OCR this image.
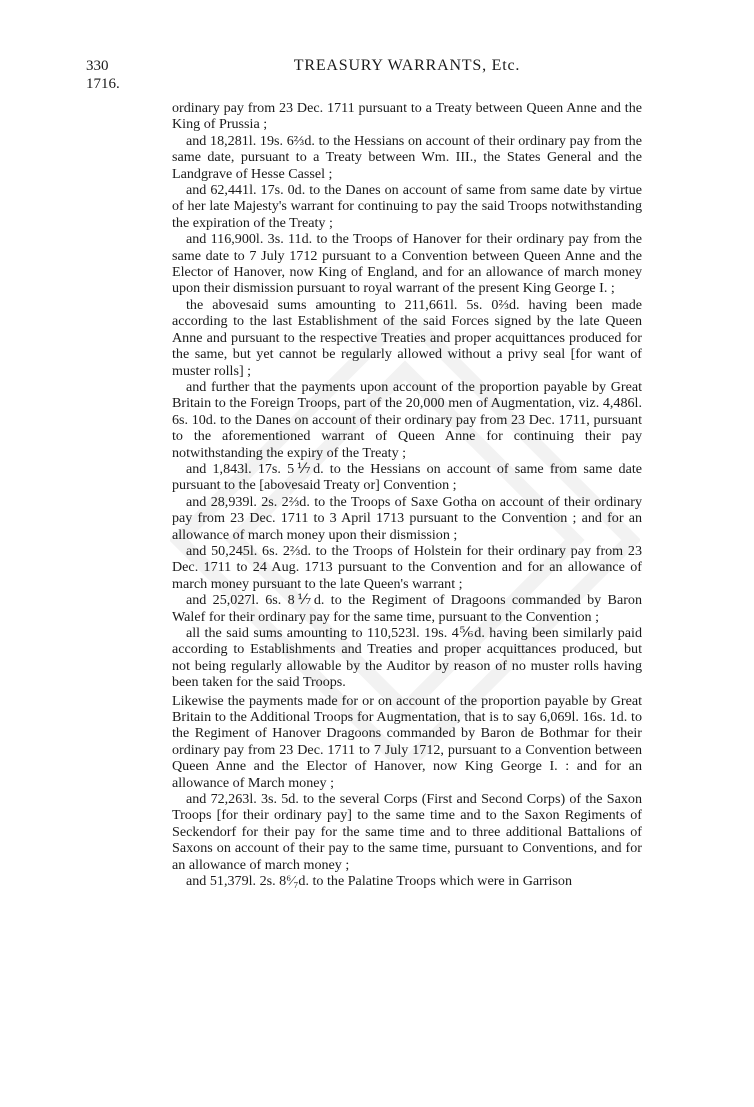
330
1716.
TREASURY WARRANTS, Etc.

ordinary pay from 23 Dec. 1711 pursuant to a Treaty between Queen Anne and the King of Prussia ;

and 18,281l. 19s. 6⅔d. to the Hessians on account of their ordinary pay from the same date, pursuant to a Treaty between Wm. III., the States General and the Landgrave of Hesse Cassel ;

and 62,441l. 17s. 0d. to the Danes on account of same from same date by virtue of her late Majesty's warrant for continuing to pay the said Troops notwithstanding the expiration of the Treaty ;

and 116,900l. 3s. 11d. to the Troops of Hanover for their ordinary pay from the same date to 7 July 1712 pursuant to a Convention between Queen Anne and the Elector of Hanover, now King of England, and for an allowance of march money upon their dismission pursuant to royal warrant of the present King George I. ;

the abovesaid sums amounting to 211,661l. 5s. 0⅔d. having been made according to the last Establishment of the said Forces signed by the late Queen Anne and pursuant to the respective Treaties and proper acquittances produced for the same, but yet cannot be regularly allowed without a privy seal [for want of muster rolls] ;

and further that the payments upon account of the proportion payable by Great Britain to the Foreign Troops, part of the 20,000 men of Augmentation, viz. 4,486l. 6s. 10d. to the Danes on account of their ordinary pay from 23 Dec. 1711, pursuant to the aforementioned warrant of Queen Anne for continuing their pay notwithstanding the expiry of the Treaty ;

and 1,843l. 17s. 5⅐d. to the Hessians on account of same from same date pursuant to the [abovesaid Treaty or] Convention ;

and 28,939l. 2s. 2⅔d. to the Troops of Saxe Gotha on account of their ordinary pay from 23 Dec. 1711 to 3 April 1713 pursuant to the Convention ; and for an allowance of march money upon their dismission ;

and 50,245l. 6s. 2⅔d. to the Troops of Holstein for their ordinary pay from 23 Dec. 1711 to 24 Aug. 1713 pursuant to the Convention and for an allowance of march money pursuant to the late Queen's warrant ;

and 25,027l. 6s. 8⅐d. to the Regiment of Dragoons commanded by Baron Walef for their ordinary pay for the same time, pursuant to the Convention ;

all the said sums amounting to 110,523l. 19s. 4⅚d. having been similarly paid according to Establishments and Treaties and proper acquittances produced, but not being regularly allowable by the Auditor by reason of no muster rolls having been taken for the said Troops.

Likewise the payments made for or on account of the proportion payable by Great Britain to the Additional Troops for Augmentation, that is to say 6,069l. 16s. 1d. to the Regiment of Hanover Dragoons commanded by Baron de Bothmar for their ordinary pay from 23 Dec. 1711 to 7 July 1712, pursuant to a Convention between Queen Anne and the Elector of Hanover, now King George I. : and for an allowance of March money ;

and 72,263l. 3s. 5d. to the several Corps (First and Second Corps) of the Saxon Troops [for their ordinary pay] to the same time and to the Saxon Regiments of Seckendorf for their pay for the same time and to three additional Battalions of Saxons on account of their pay to the same time, pursuant to Conventions, and for an allowance of march money ;

and 51,379l. 2s. 8⁶⁄₇d. to the Palatine Troops which were in Garrison
